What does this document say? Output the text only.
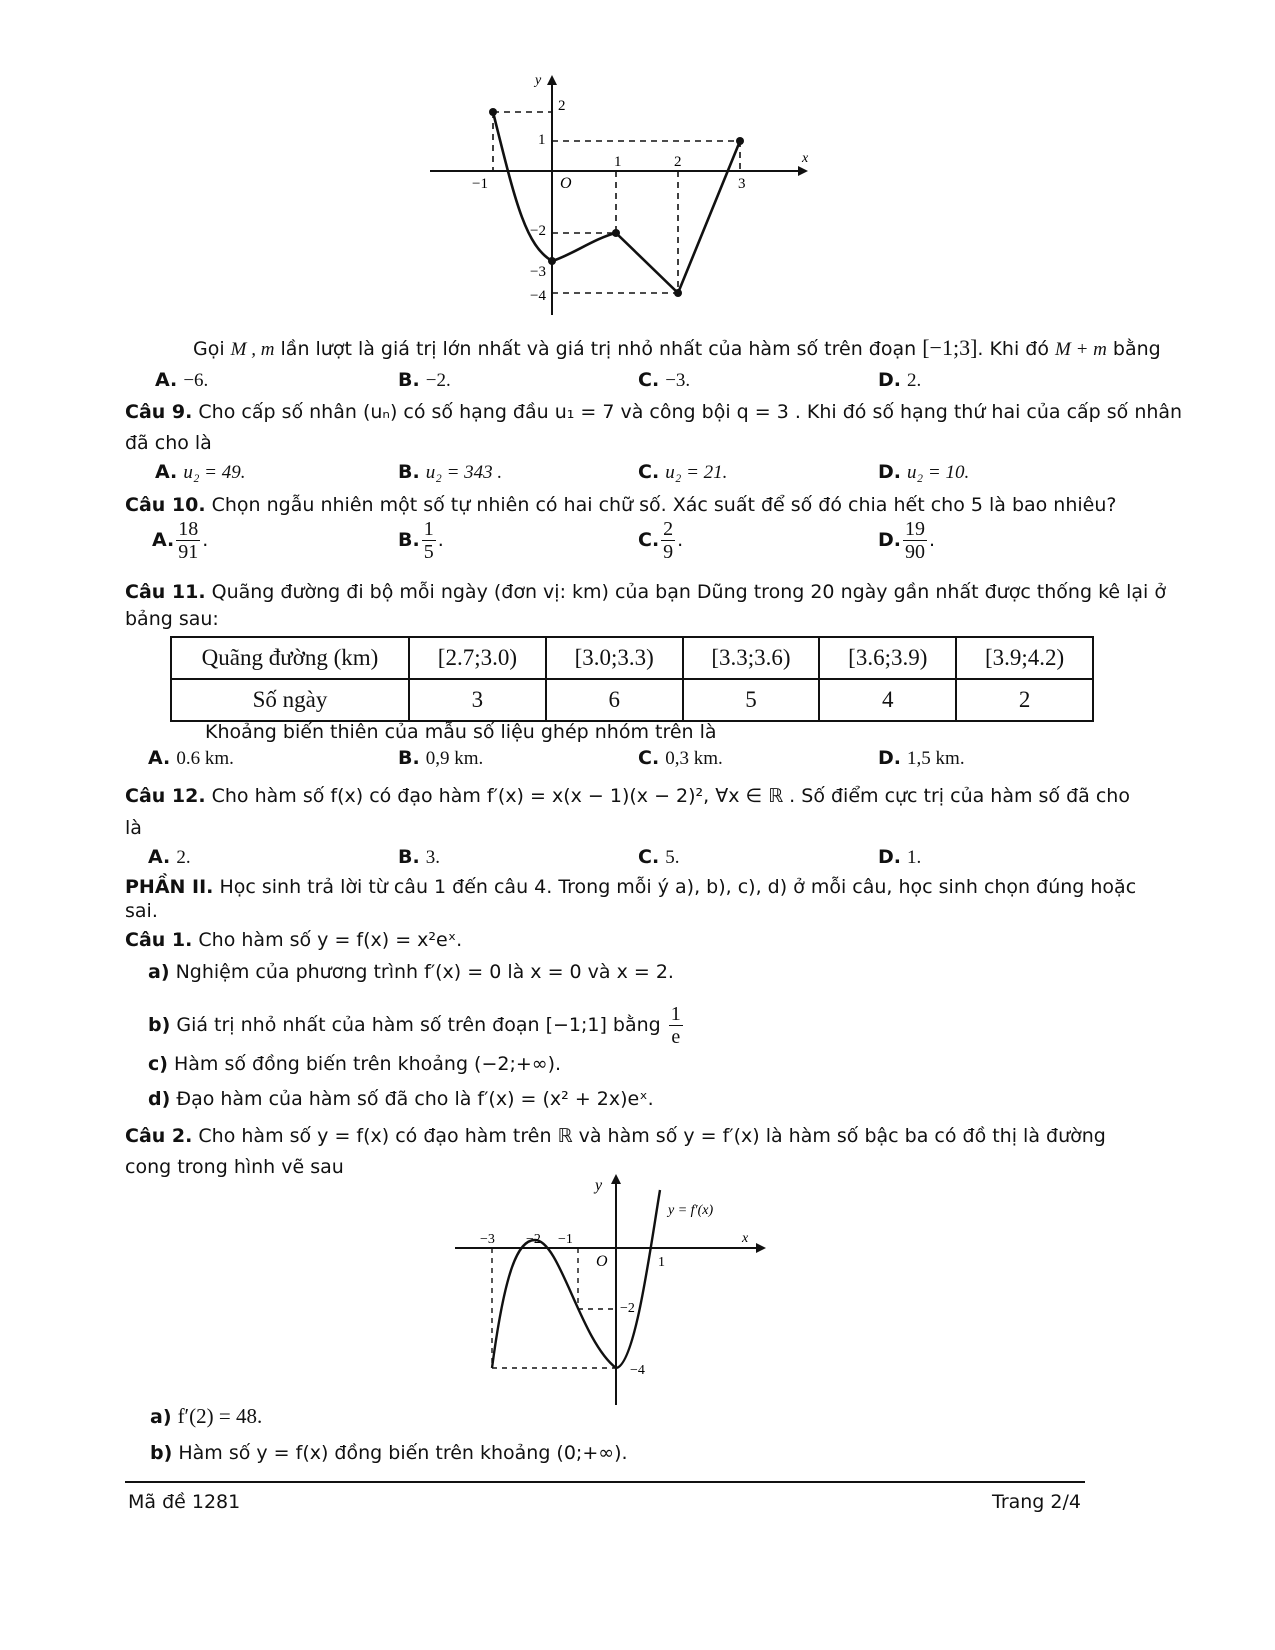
y
x
O
−1
1	2
3
2
1
−2
−3
−4
Gọi M , m lần lượt là giá trị lớn nhất và giá trị nhỏ nhất của hàm số trên đoạn [−1;3]. Khi đó M + m bằng
A. −6.	B. −2.	C. −3.	D. 2.
Câu 9. Cho cấp số nhân (uₙ) có số hạng đầu u₁ = 7 và công bội q = 3 . Khi đó số hạng thứ hai của cấp số nhân
đã cho là
A. u₂ = 49.	B. u₂ = 343 .	C. u₂ = 21.	D. u₂ = 10.
Câu 10. Chọn ngẫu nhiên một số tự nhiên có hai chữ số. Xác suất để số đó chia hết cho 5 là bao nhiêu?
A. $\frac{18}{91}$ .	B. $\frac{1}{5}$ .	C. $\frac{2}{9}$ .	D. $\frac{19}{90}$ .
Câu 11. Quãng đường đi bộ mỗi ngày (đơn vị: km) của bạn Dũng trong 20 ngày gần nhất được thống kê lại ở
bảng sau:
Quãng đường (km)	[2.7;3.0)	[3.0;3.3)	[3.3;3.6)	[3.6;3.9)	[3.9;4.2)
Số ngày	3	6	5	4	2
Khoảng biến thiên của mẫu số liệu ghép nhóm trên là
A. 0.6 km.	B. 0,9 km.	C. 0,3 km.	D. 1,5 km.
Câu 12. Cho hàm số f(x) có đạo hàm f′(x) = x(x − 1)(x − 2)², ∀x ∈ ℝ . Số điểm cực trị của hàm số đã cho
là
A. 2.	B. 3.	C. 5.	D. 1.
PHẦN II. Học sinh trả lời từ câu 1 đến câu 4. Trong mỗi ý a), b), c), d) ở mỗi câu, học sinh chọn đúng hoặc
sai.
Câu 1. Cho hàm số y = f(x) = x²eˣ.
a) Nghiệm của phương trình f′(x) = 0 là x = 0 và x = 2.
b) Giá trị nhỏ nhất của hàm số trên đoạn [−1;1] bằng $\frac{1}{e}$
c) Hàm số đồng biến trên khoảng (−2;+∞).
d) Đạo hàm của hàm số đã cho là f′(x) = (x² + 2x)eˣ.
Câu 2. Cho hàm số y = f(x) có đạo hàm trên ℝ và hàm số y = f′(x) là hàm số bậc ba có đồ thị là đường
cong trong hình vẽ sau
y
x
O
y = f′(x)
−3 −2 −1
1
−2
−4
a) f′(2) = 48.
b) Hàm số y = f(x) đồng biến trên khoảng (0;+∞).
Mã đề 1281	Trang 2/4
